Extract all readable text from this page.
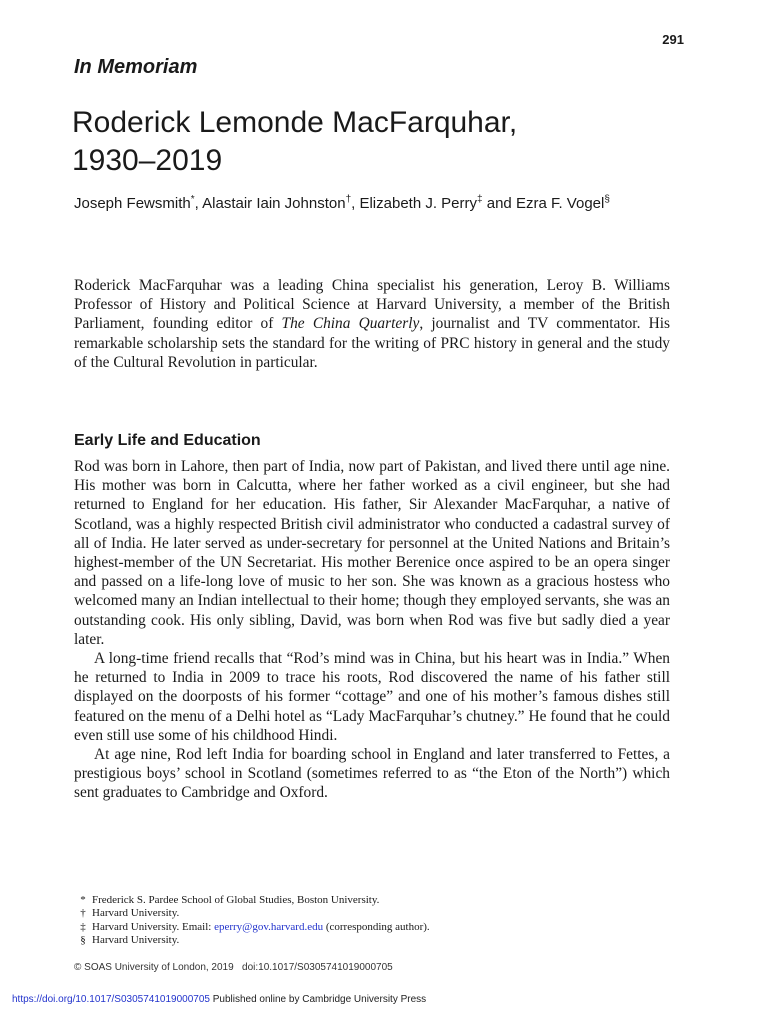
291
In Memoriam
Roderick Lemonde MacFarquhar,
1930–2019
Joseph Fewsmith*, Alastair Iain Johnston†, Elizabeth J. Perry‡ and Ezra F. Vogel§
Roderick MacFarquhar was a leading China specialist his generation, Leroy B. Williams Professor of History and Political Science at Harvard University, a member of the British Parliament, founding editor of The China Quarterly, journalist and TV commentator. His remarkable scholarship sets the standard for the writing of PRC history in general and the study of the Cultural Revolution in particular.
Early Life and Education

Rod was born in Lahore, then part of India, now part of Pakistan, and lived there until age nine. His mother was born in Calcutta, where her father worked as a civil engineer, but she had returned to England for her education. His father, Sir Alexander MacFarquhar, a native of Scotland, was a highly respected British civil administrator who conducted a cadastral survey of all of India. He later served as under-secretary for personnel at the United Nations and Britain’s highest-member of the UN Secretariat. His mother Berenice once aspired to be an opera singer and passed on a life-long love of music to her son. She was known as a gracious hostess who welcomed many an Indian intellectual to their home; though they employed servants, she was an outstanding cook. His only sibling, David, was born when Rod was five but sadly died a year later.

A long-time friend recalls that “Rod’s mind was in China, but his heart was in India.” When he returned to India in 2009 to trace his roots, Rod discovered the name of his father still displayed on the doorposts of his former “cottage” and one of his mother’s famous dishes still featured on the menu of a Delhi hotel as “Lady MacFarquhar’s chutney.” He found that he could even still use some of his childhood Hindi.

At age nine, Rod left India for boarding school in England and later transferred to Fettes, a prestigious boys’ school in Scotland (sometimes referred to as “the Eton of the North”) which sent graduates to Cambridge and Oxford.

* Frederick S. Pardee School of Global Studies, Boston University.
† Harvard University.
‡ Harvard University. Email: eperry@gov.harvard.edu (corresponding author).
§ Harvard University.
© SOAS University of London, 2019   doi:10.1017/S0305741019000705
https://doi.org/10.1017/S0305741019000705 Published online by Cambridge University Press
